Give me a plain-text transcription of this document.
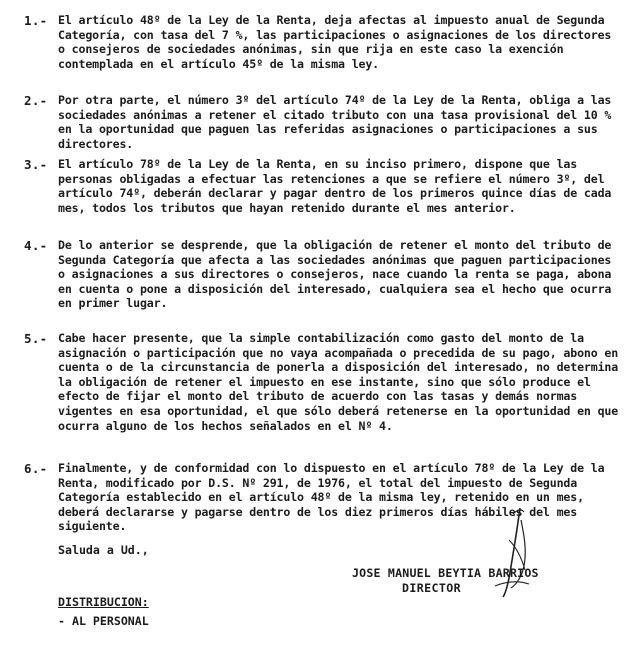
1.- El artículo 48º de la Ley de la Renta, deja afectas al impuesto anual de Segunda Categoría, con tasa del 7 %, las participaciones o asignaciones de los directores o consejeros de sociedades anónimas, sin que rija en este caso la exención contemplada en el artículo 45º de la misma ley.
2.- Por otra parte, el número 3º del artículo 74º de la Ley de la Renta, obliga a las sociedades anónimas a retener el citado tributo con una tasa provisional del 10 % en la oportunidad que paguen las referidas asignaciones o participaciones a sus directores.
3.- El artículo 78º de la Ley de la Renta, en su inciso primero, dispone que las personas obligadas a efectuar las retenciones a que se refiere el número 3º, del artículo 74º, deberán declarar y pagar dentro de los primeros quince días de cada mes, todos los tributos que hayan retenido durante el mes anterior.
4.- De lo anterior se desprende, que la obligación de retener el monto del tributo de Segunda Categoría que afecta a las sociedades anónimas que paguen participaciones o asignaciones a sus directores o consejeros, nace cuando la renta se paga, abona en cuenta o pone a disposición del interesado, cualquiera sea el hecho que ocurra en primer lugar.
5.- Cabe hacer presente, que la simple contabilización como gasto del monto de la asignación o participación que no vaya acompañada o precedida de su pago, abono en cuenta o de la circunstancia de ponerla a disposición del interesado, no determina la obligación de retener el impuesto en ese instante, sino que sólo produce el efecto de fijar el monto del tributo de acuerdo con las tasas y demás normas vigentes en esa oportunidad, el que sólo deberá retenerse en la oportunidad en que ocurra alguno de los hechos señalados en el Nº 4.
6.- Finalmente, y de conformidad con lo dispuesto en el artículo 78º de la Ley de la Renta, modificado por D.S. Nº 291, de 1976, el total del impuesto de Segunda Categoría establecido en el artículo 48º de la misma ley, retenido en un mes, deberá declararse y pagarse dentro de los diez primeros días hábiles del mes siguiente.
Saluda a Ud.,
JOSE MANUEL BEYTIA BARRIOS
DIRECTOR
DISTRIBUCION:
- AL PERSONAL
